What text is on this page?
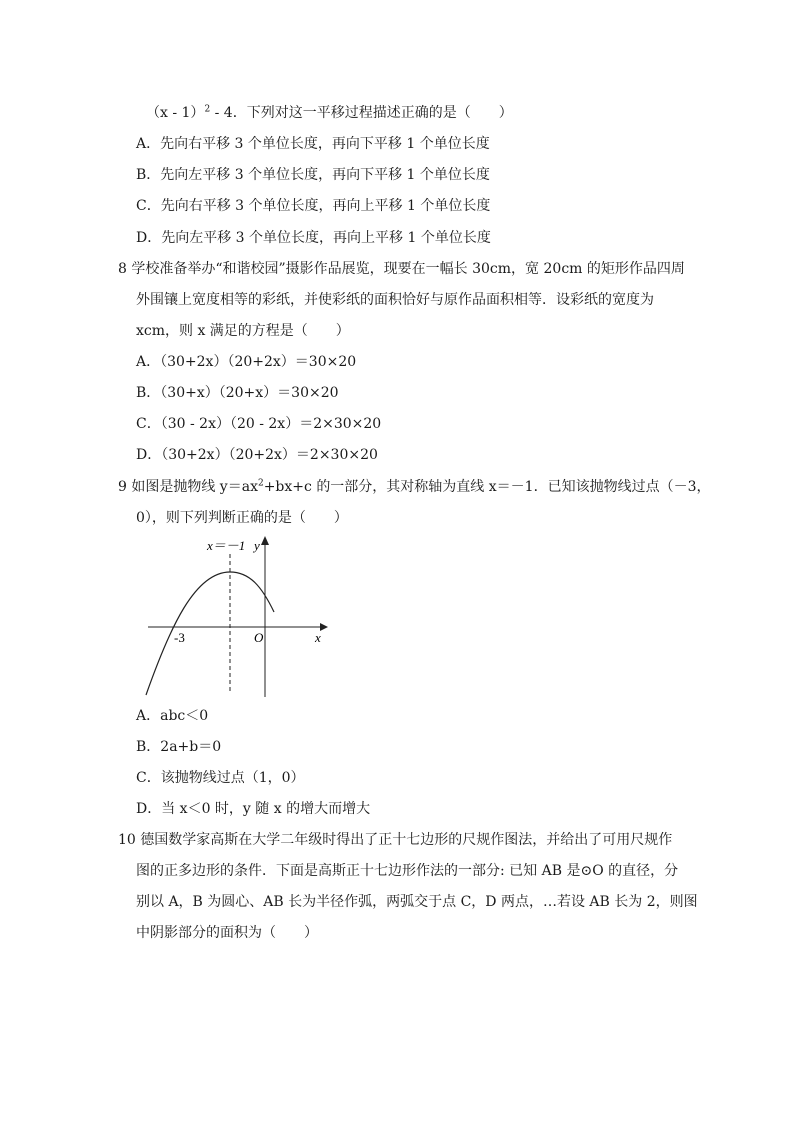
（x - 1）$^2$ - 4．下列对这一平移过程描述正确的是（　　）
A．先向右平移 3 个单位长度，再向下平移 1 个单位长度
B．先向左平移 3 个单位长度，再向下平移 1 个单位长度
C．先向右平移 3 个单位长度，再向上平移 1 个单位长度
D．先向左平移 3 个单位长度，再向上平移 1 个单位长度
8 学校准备举办“和谐校园”摄影作品展览，现要在一幅长 30cm，宽 20cm 的矩形作品四周
外围镶上宽度相等的彩纸，并使彩纸的面积恰好与原作品面积相等．设彩纸的宽度为
xcm，则 x 满足的方程是（　　）
A．（30+2x）（20+2x）＝30×20
B．（30+x）（20+x）＝30×20
C．（30 - 2x）（20 - 2x）＝2×30×20
D．（30+2x）（20+2x）＝2×30×20
9 如图是抛物线 $y=ax^2+bx+c$ 的一部分，其对称轴为直线 x＝－1．已知该抛物线过点（－3，
0），则下列判断正确的是（　　）
x＝－1 y
x
O
-3
A．abc＜0
B．2a+b＝0
C．该抛物线过点（1，0）
D．当 x＜0 时，y 随 x 的增大而增大
10 德国数学家高斯在大学二年级时得出了正十七边形的尺规作图法，并给出了可用尺规作
图的正多边形的条件．下面是高斯正十七边形作法的一部分: 已知 AB 是⊙O 的直径，分
别以 A，B 为圆心、AB 长为半径作弧，两弧交于点 C，D 两点，…若设 AB 长为 2，则图
中阴影部分的面积为（　　）
